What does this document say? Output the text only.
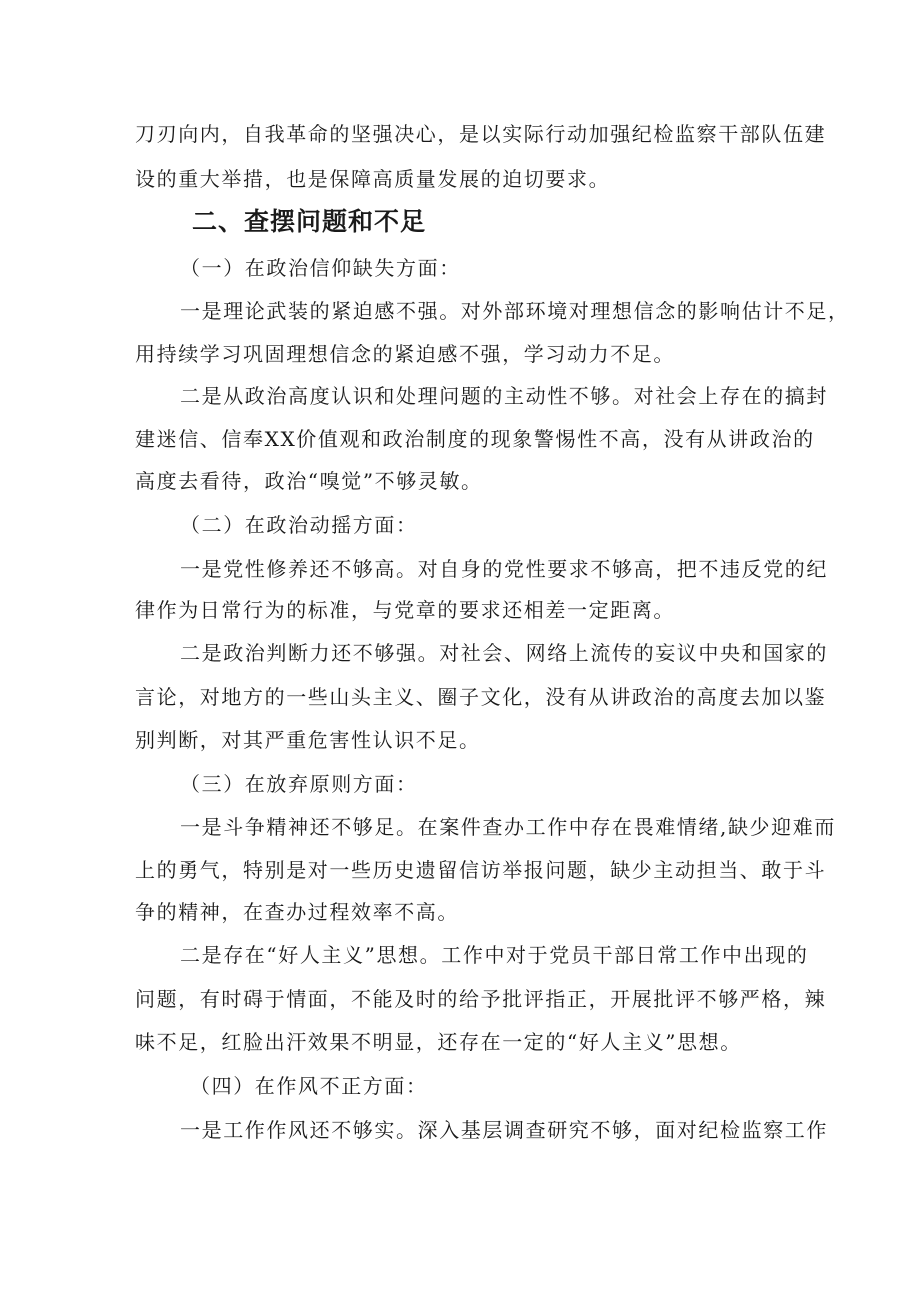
刀刃向内，自我革命的坚强决心，是以实际行动加强纪检监察干部队伍建
设的重大举措，也是保障高质量发展的迫切要求。
二、查摆问题和不足
（一）在政治信仰缺失方面：
一是理论武装的紧迫感不强。对外部环境对理想信念的影响估计不足，
用持续学习巩固理想信念的紧迫感不强，学习动力不足。
二是从政治高度认识和处理问题的主动性不够。对社会上存在的搞封
建迷信、信奉XX价值观和政治制度的现象警惕性不高，没有从讲政治的
高度去看待，政治“嗅觉”不够灵敏。
（二）在政治动摇方面：
一是党性修养还不够高。对自身的党性要求不够高，把不违反党的纪
律作为日常行为的标准，与党章的要求还相差一定距离。
二是政治判断力还不够强。对社会、网络上流传的妄议中央和国家的
言论，对地方的一些山头主义、圈子文化，没有从讲政治的高度去加以鉴
别判断，对其严重危害性认识不足。
（三）在放弃原则方面：
一是斗争精神还不够足。在案件查办工作中存在畏难情绪,缺少迎难而
上的勇气，特别是对一些历史遗留信访举报问题，缺少主动担当、敢于斗
争的精神，在查办过程效率不高。
二是存在“好人主义”思想。工作中对于党员干部日常工作中出现的
问题，有时碍于情面，不能及时的给予批评指正，开展批评不够严格，辣
味不足，红脸出汗效果不明显，还存在一定的“好人主义”思想。
（四）在作风不正方面：
一是工作作风还不够实。深入基层调查研究不够，面对纪检监察工作
